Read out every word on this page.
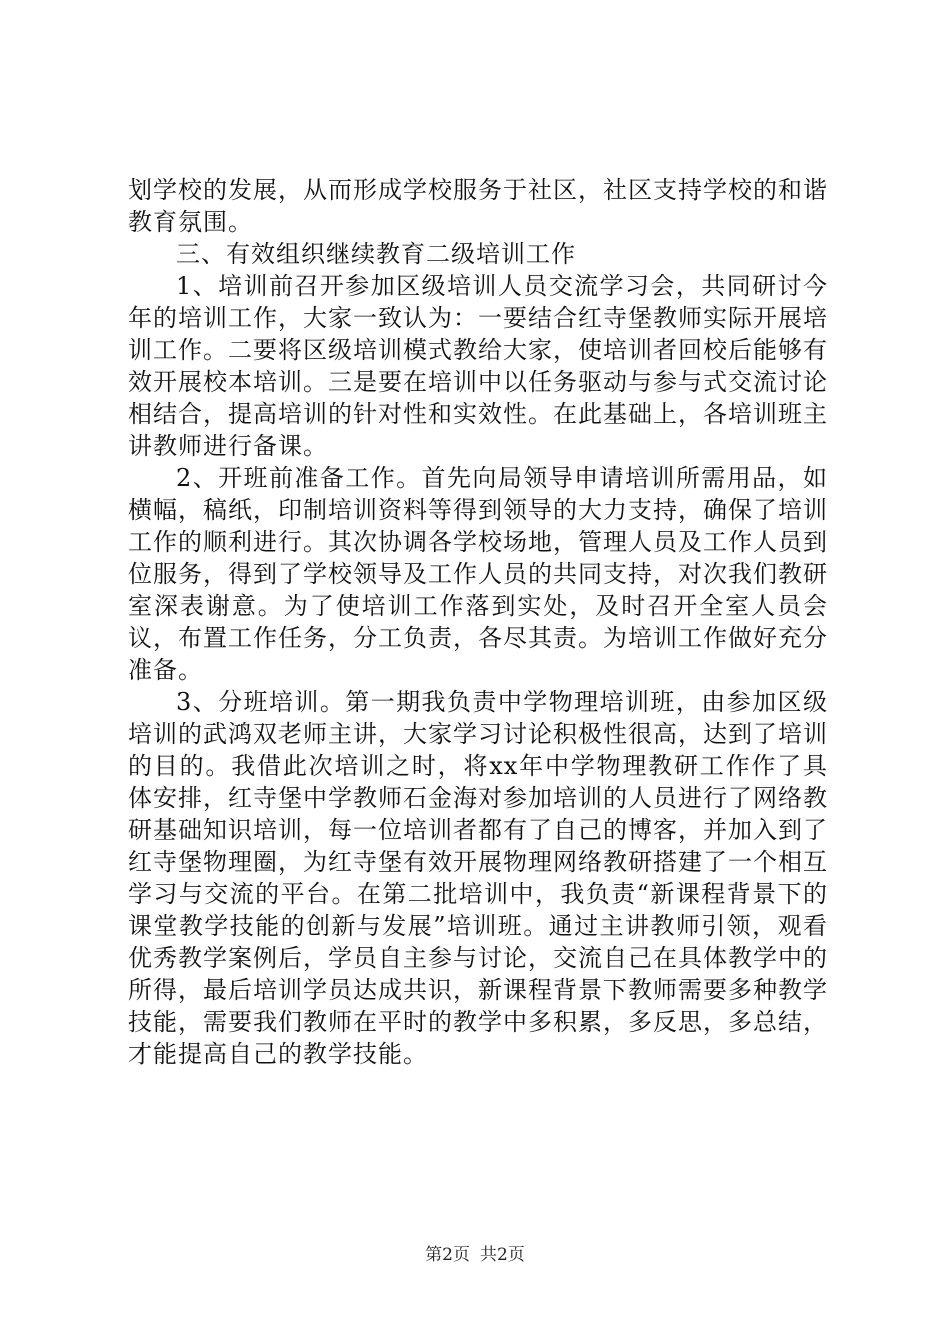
划学校的发展，从而形成学校服务于社区，社区支持学校的和谐教育氛围。

三、有效组织继续教育二级培训工作

1、培训前召开参加区级培训人员交流学习会，共同研讨今年的培训工作，大家一致认为：一要结合红寺堡教师实际开展培训工作。二要将区级培训模式教给大家，使培训者回校后能够有效开展校本培训。三是要在培训中以任务驱动与参与式交流讨论相结合，提高培训的针对性和实效性。在此基础上，各培训班主讲教师进行备课。

2、开班前准备工作。首先向局领导申请培训所需用品，如横幅，稿纸，印制培训资料等得到领导的大力支持，确保了培训工作的顺利进行。其次协调各学校场地，管理人员及工作人员到位服务，得到了学校领导及工作人员的共同支持，对次我们教研室深表谢意。为了使培训工作落到实处，及时召开全室人员会议，布置工作任务，分工负责，各尽其责。为培训工作做好充分准备。

3、分班培训。第一期我负责中学物理培训班，由参加区级培训的武鸿双老师主讲，大家学习讨论积极性很高，达到了培训的目的。我借此次培训之时，将xx年中学物理教研工作作了具体安排，红寺堡中学教师石金海对参加培训的人员进行了网络教研基础知识培训，每一位培训者都有了自己的博客，并加入到了红寺堡物理圈，为红寺堡有效开展物理网络教研搭建了一个相互学习与交流的平台。在第二批培训中，我负责“新课程背景下的课堂教学技能的创新与发展”培训班。通过主讲教师引领，观看优秀教学案例后，学员自主参与讨论，交流自己在具体教学中的所得，最后培训学员达成共识，新课程背景下教师需要多种教学技能，需要我们教师在平时的教学中多积累，多反思，多总结，才能提高自己的教学技能。

第2页 共2页
